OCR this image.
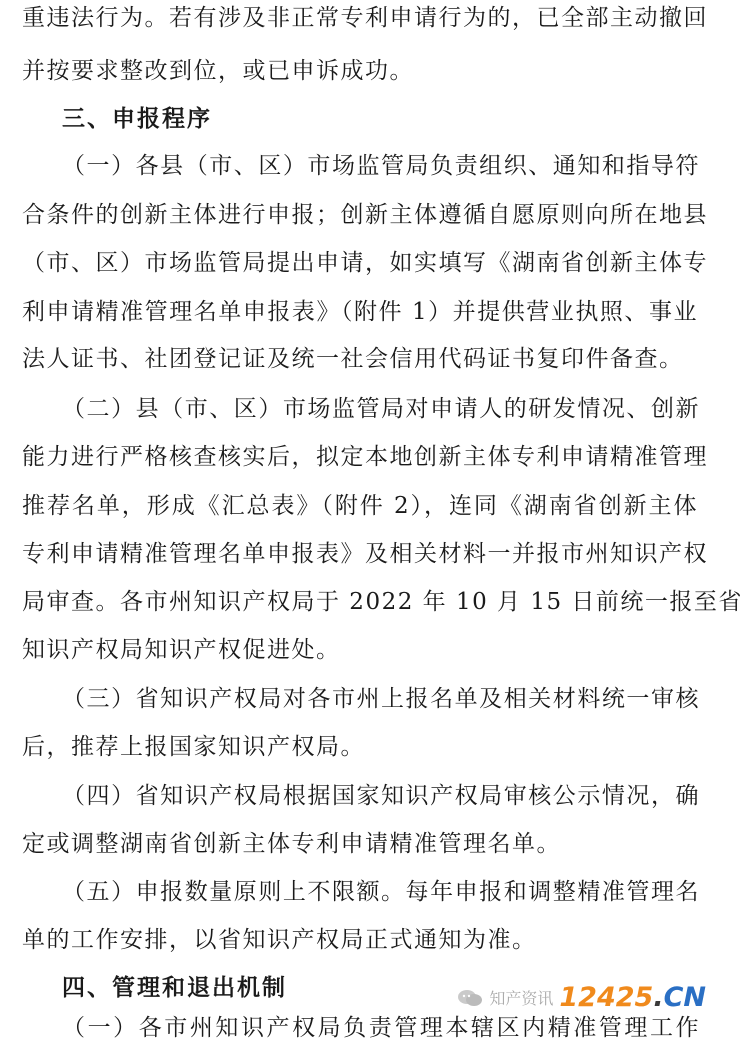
重违法行为。若有涉及非正常专利申请行为的，已全部主动撤回
并按要求整改到位，或已申诉成功。
三、申报程序
（一）各县（市、区）市场监管局负责组织、通知和指导符
合条件的创新主体进行申报；创新主体遵循自愿原则向所在地县
（市、区）市场监管局提出申请，如实填写《湖南省创新主体专
利申请精准管理名单申报表》（附件 1）并提供营业执照、事业
法人证书、社团登记证及统一社会信用代码证书复印件备查。
（二）县（市、区）市场监管局对申请人的研发情况、创新
能力进行严格核查核实后，拟定本地创新主体专利申请精准管理
推荐名单，形成《汇总表》（附件 2），连同《湖南省创新主体
专利申请精准管理名单申报表》及相关材料一并报市州知识产权
局审查。各市州知识产权局于 2022 年 10 月 15 日前统一报至省
知识产权局知识产权促进处。
（三）省知识产权局对各市州上报名单及相关材料统一审核
后，推荐上报国家知识产权局。
（四）省知识产权局根据国家知识产权局审核公示情况，确
定或调整湖南省创新主体专利申请精准管理名单。
（五）申报数量原则上不限额。每年申报和调整精准管理名
单的工作安排，以省知识产权局正式通知为准。
四、管理和退出机制
（一）各市州知识产权局负责管理本辖区内精准管理工作
知产资讯 12425.CN
